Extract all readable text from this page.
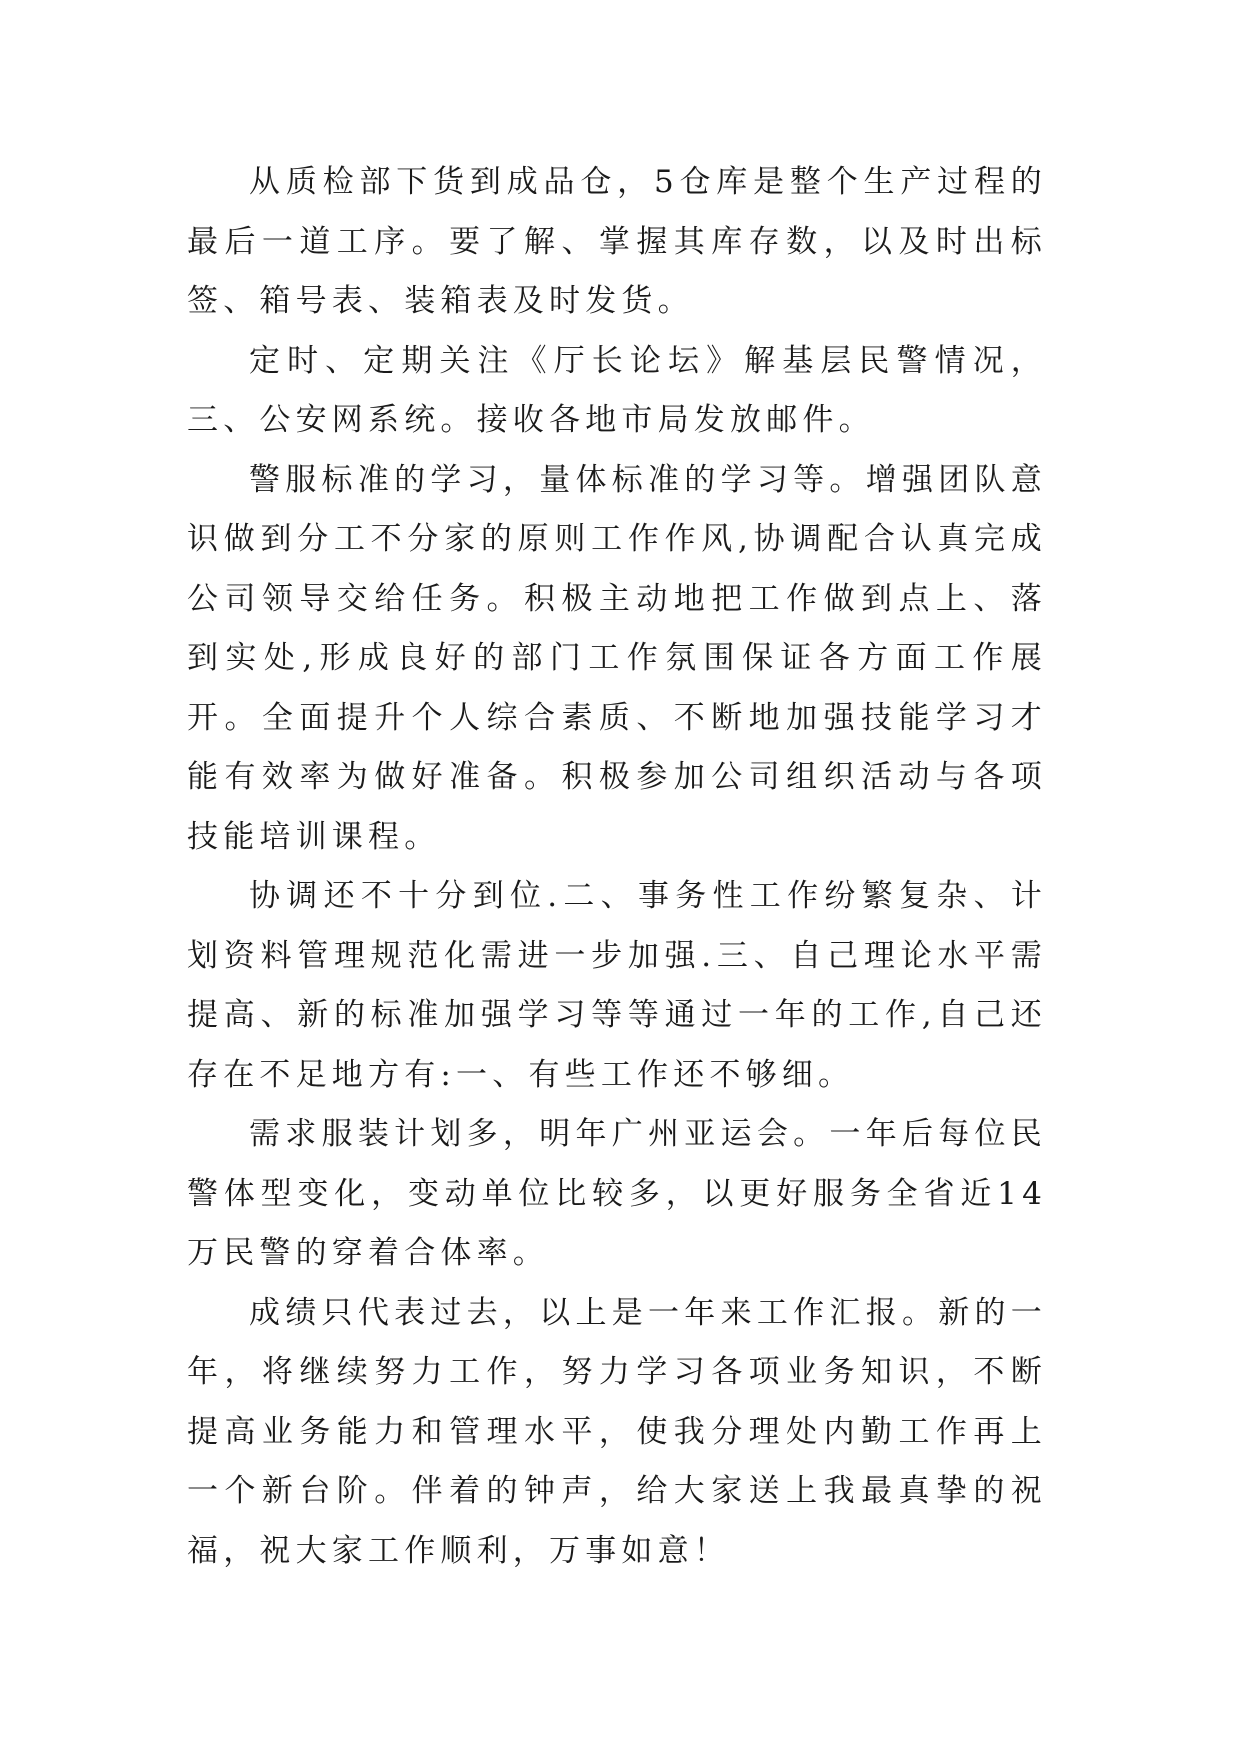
从质检部下货到成品仓，5仓库是整个生产过程的最后一道工序。要了解、掌握其库存数，以及时出标签、箱号表、装箱表及时发货。

定时、定期关注《厅长论坛》解基层民警情况，三、公安网系统。接收各地市局发放邮件。

警服标准的学习，量体标准的学习等。增强团队意识做到分工不分家的原则工作作风,协调配合认真完成公司领导交给任务。积极主动地把工作做到点上、落到实处,形成良好的部门工作氛围保证各方面工作展开。全面提升个人综合素质、不断地加强技能学习才能有效率为做好准备。积极参加公司组织活动与各项技能培训课程。

协调还不十分到位.二、事务性工作纷繁复杂、计划资料管理规范化需进一步加强.三、自己理论水平需提高、新的标准加强学习等等通过一年的工作,自己还存在不足地方有:一、有些工作还不够细。

需求服装计划多，明年广州亚运会。一年后每位民警体型变化，变动单位比较多，以更好服务全省近14万民警的穿着合体率。

成绩只代表过去，以上是一年来工作汇报。新的一年，将继续努力工作，努力学习各项业务知识，不断提高业务能力和管理水平，使我分理处内勤工作再上一个新台阶。伴着的钟声，给大家送上我最真挚的祝福，祝大家工作顺利，万事如意！
